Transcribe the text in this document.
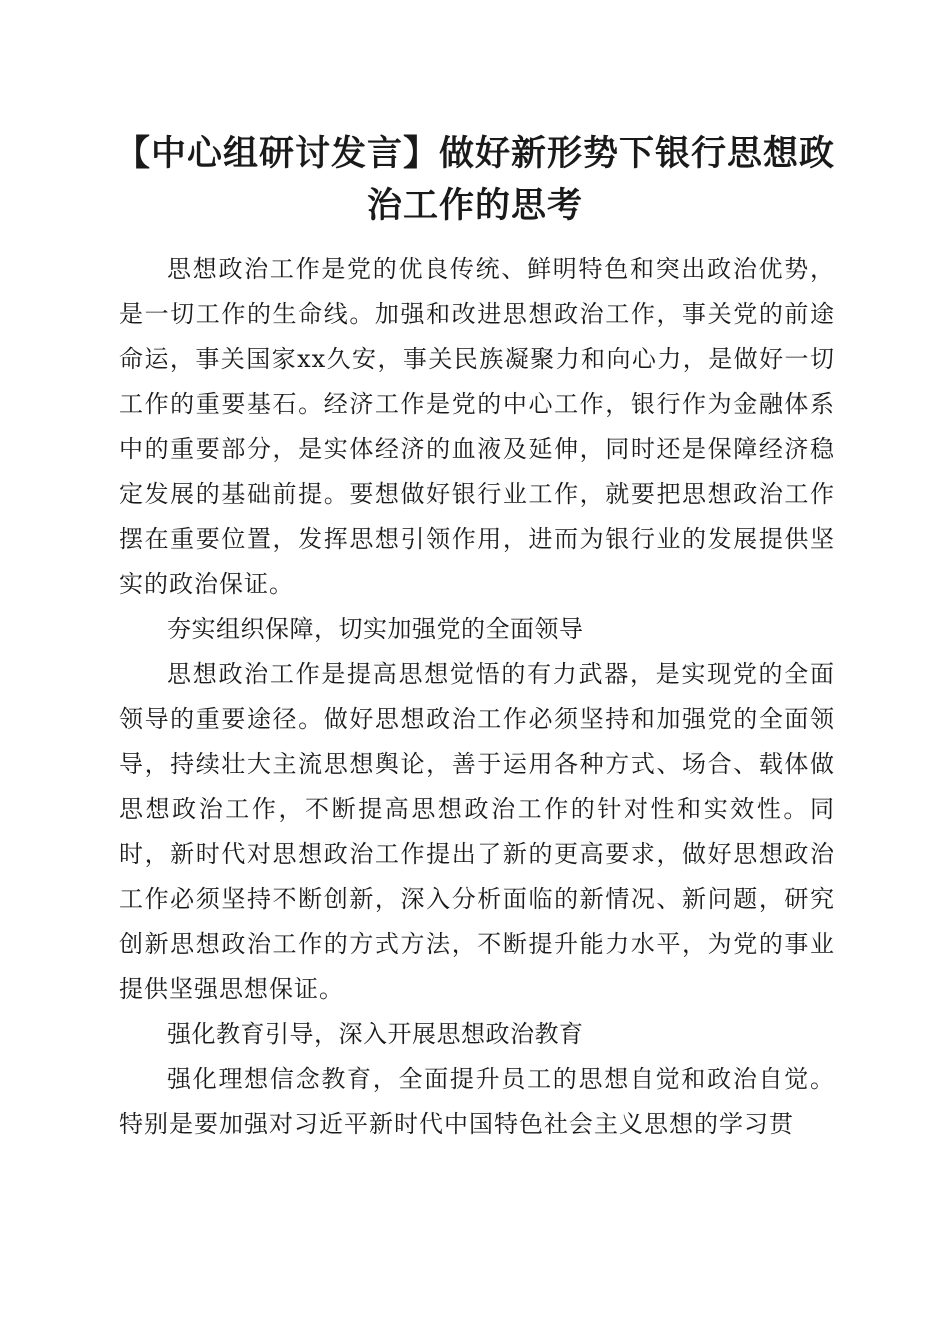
【中心组研讨发言】做好新形势下银行思想政治工作的思考

思想政治工作是党的优良传统、鲜明特色和突出政治优势，是一切工作的生命线。加强和改进思想政治工作，事关党的前途命运，事关国家xx久安，事关民族凝聚力和向心力，是做好一切工作的重要基石。经济工作是党的中心工作，银行作为金融体系中的重要部分，是实体经济的血液及延伸，同时还是保障经济稳定发展的基础前提。要想做好银行业工作，就要把思想政治工作摆在重要位置，发挥思想引领作用，进而为银行业的发展提供坚实的政治保证。

夯实组织保障，切实加强党的全面领导

思想政治工作是提高思想觉悟的有力武器，是实现党的全面领导的重要途径。做好思想政治工作必须坚持和加强党的全面领导，持续壮大主流思想舆论，善于运用各种方式、场合、载体做思想政治工作，不断提高思想政治工作的针对性和实效性。同时，新时代对思想政治工作提出了新的更高要求，做好思想政治工作必须坚持不断创新，深入分析面临的新情况、新问题，研究创新思想政治工作的方式方法，不断提升能力水平，为党的事业提供坚强思想保证。

强化教育引导，深入开展思想政治教育

强化理想信念教育，全面提升员工的思想自觉和政治自觉。特别是要加强对习近平新时代中国特色社会主义思想的学习贯
